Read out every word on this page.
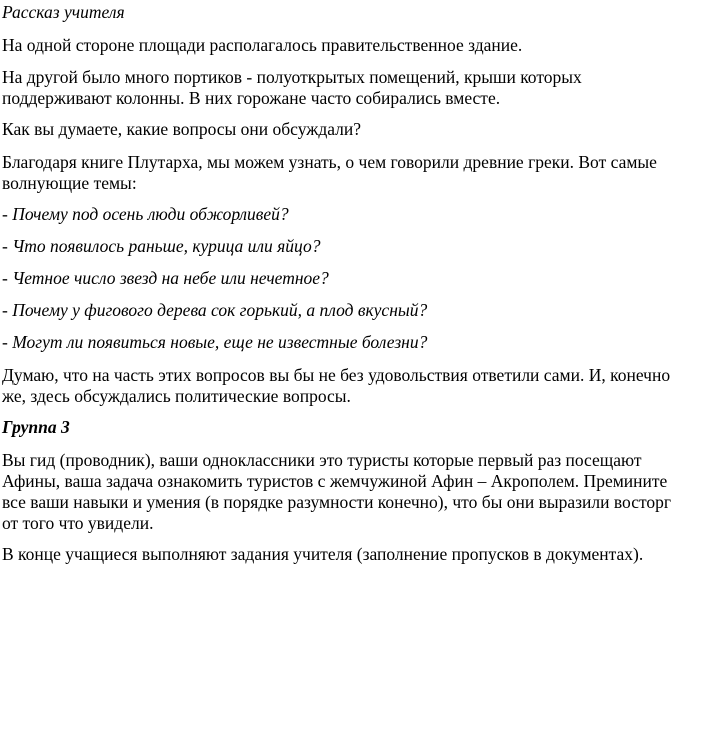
Рассказ учителя
На одной стороне площади располагалось правительственное здание.
На другой было много портиков - полуоткрытых помещений, крыши которых
поддерживают колонны. В них горожане часто собирались вместе.
Как вы думаете, какие вопросы они обсуждали?
Благодаря книге Плутарха, мы можем узнать, о чем говорили древние греки. Вот самые
волнующие темы:
- Почему под осень люди обжорливей?
- Что появилось раньше, курица или яйцо?
- Четное число звезд на небе или нечетное?
- Почему у фигового дерева сок горький, а плод вкусный?
- Могут ли появиться новые, еще не известные болезни?
Думаю, что на часть этих вопросов вы бы не без удовольствия ответили сами. И, конечно
же, здесь обсуждались политические вопросы.
Группа 3
Вы гид (проводник), ваши одноклассники это туристы которые первый раз посещают
Афины, ваша задача ознакомить туристов с жемчужиной Афин – Акрополем. Премините
все ваши навыки и умения (в порядке разумности конечно), что бы они выразили восторг
от того что увидели.
В конце учащиеся выполняют задания учителя (заполнение пропусков в документах).
